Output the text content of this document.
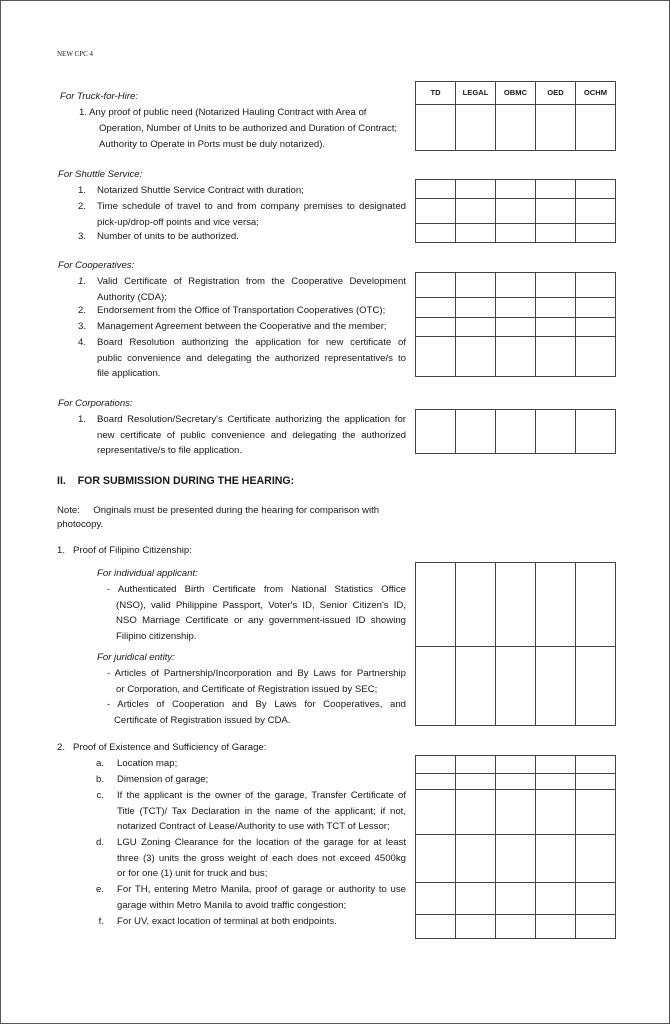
NEW CPC 4
For Truck-for-Hire:
1. Any proof of public need (Notarized Hauling Contract with Area of
Operation, Number of Units to be authorized and Duration of Contract;
Authority to Operate in Ports must be duly notarized).
TD	LEGAL	OBMC	OED	OCHM

For Shuttle Service:
1. Notarized Shuttle Service Contract with duration;
2. Time schedule of travel to and from company premises to designated
pick-up/drop-off points and vice versa;
3. Number of units to be authorized.

For Cooperatives:
1. Valid Certificate of Registration from the Cooperative Development
Authority (CDA);
2. Endorsement from the Office of Transportation Cooperatives (OTC);
3. Management Agreement between the Cooperative and the member;
4. Board Resolution authorizing the application for new certificate of
public convenience and delegating the authorized representative/s to
file application.

For Corporations:
1. Board Resolution/Secretary's Certificate authorizing the application for
new certificate of public convenience and delegating the authorized
representative/s to file application.

II.    FOR SUBMISSION DURING THE HEARING:
Note:     Originals must be presented during the hearing for comparison with
photocopy.
1.   Proof of Filipino Citizenship:
For individual applicant:
- Authenticated Birth Certificate from National Statistics Office
(NSO), valid Philippine Passport, Voter's ID, Senior Citizen's ID,
NSO Marriage Certificate or any government-issued ID showing
Filipino citizenship.
For juridical entity:
- Articles of Partnership/Incorporation and By Laws for Partnership
or Corporation, and Certificate of Registration issued by SEC;
- Articles of Cooperation and By Laws for Cooperatives, and
Certificate of Registration issued by CDA.

2.   Proof of Existence and Sufficiency of Garage:
a. Location map;
b. Dimension of garage;
c. If the applicant is the owner of the garage, Transfer Certificate of
Title (TCT)/ Tax Declaration in the name of the applicant; if not,
notarized Contract of Lease/Authority to use with TCT of Lessor;
d. LGU Zoning Clearance for the location of the garage for at least
three (3) units the gross weight of each does not exceed 4500kg
or for one (1) unit for truck and bus;
e. For TH, entering Metro Manila, proof of garage or authority to use
garage within Metro Manila to avoid traffic congestion;
f. For UV, exact location of terminal at both endpoints.
